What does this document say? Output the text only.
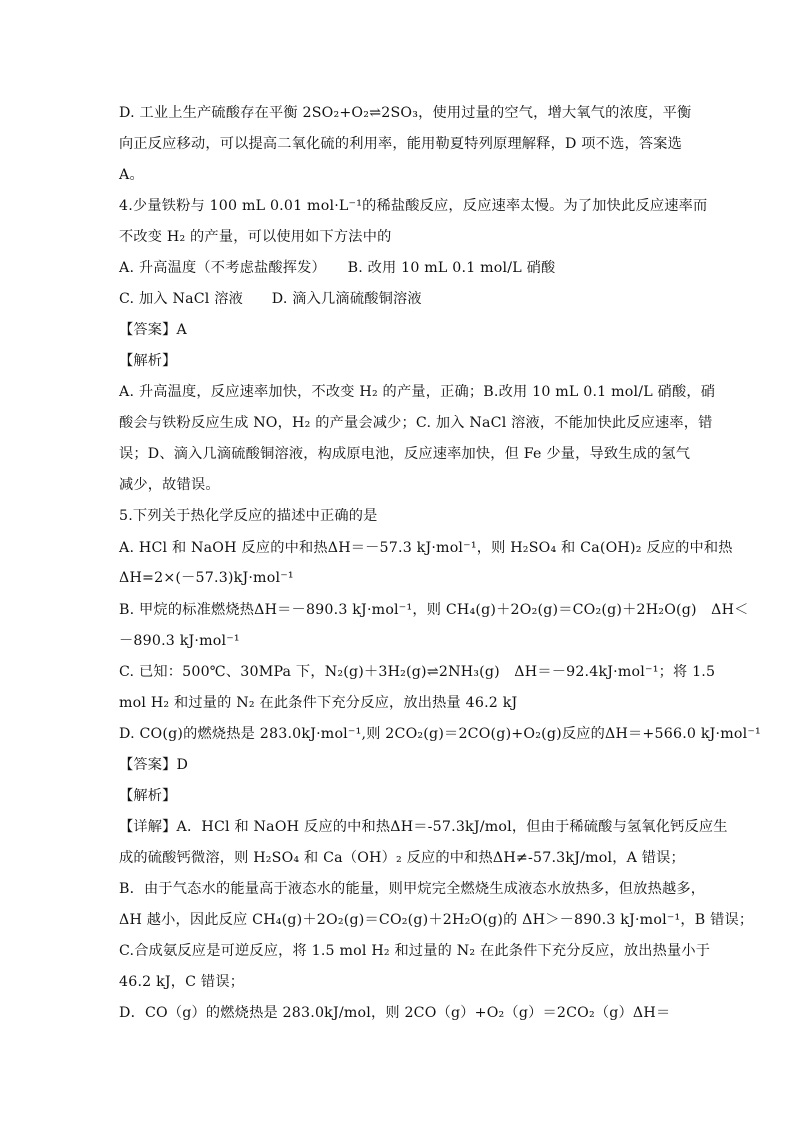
D. 工业上生产硫酸存在平衡 2SO₂+O₂⇌2SO₃，使用过量的空气，增大氧气的浓度，平衡
向正反应移动，可以提高二氧化硫的利用率，能用勒夏特列原理解释，D 项不选，答案选
A。
4.少量铁粉与 100 mL 0.01 mol·L⁻¹的稀盐酸反应，反应速率太慢。为了加快此反应速率而
不改变 H₂ 的产量，可以使用如下方法中的
A. 升高温度（不考虑盐酸挥发）　　B. 改用 10 mL 0.1 mol/L 硝酸
C. 加入 NaCl 溶液　　D. 滴入几滴硫酸铜溶液
【答案】A
【解析】
A. 升高温度，反应速率加快，不改变 H₂ 的产量，正确；B.改用 10 mL 0.1 mol/L 硝酸，硝
酸会与铁粉反应生成 NO，H₂ 的产量会减少；C. 加入 NaCl 溶液，不能加快此反应速率，错
误；D、滴入几滴硫酸铜溶液，构成原电池，反应速率加快，但 Fe 少量，导致生成的氢气
减少，故错误。
5.下列关于热化学反应的描述中正确的是
A. HCl 和 NaOH 反应的中和热ΔH＝－57.3 kJ·mol⁻¹，则 H₂SO₄ 和 Ca(OH)₂ 反应的中和热
ΔH=2×(－57.3)kJ·mol⁻¹
B. 甲烷的标准燃烧热ΔH＝－890.3 kJ·mol⁻¹，则 CH₄(g)＋2O₂(g)＝CO₂(g)＋2H₂O(g)　ΔH＜
－890.3 kJ·mol⁻¹
C. 已知：500℃、30MPa 下，N₂(g)＋3H₂(g)⇌2NH₃(g)　ΔH＝－92.4kJ·mol⁻¹；将 1.5
mol H₂ 和过量的 N₂ 在此条件下充分反应，放出热量 46.2 kJ
D. CO(g)的燃烧热是 283.0kJ·mol⁻¹,则 2CO₂(g)＝2CO(g)+O₂(g)反应的ΔH＝+566.0 kJ·mol⁻¹
【答案】D
【解析】
【详解】A．HCl 和 NaOH 反应的中和热ΔH＝-57.3kJ/mol，但由于稀硫酸与氢氧化钙反应生
成的硫酸钙微溶，则 H₂SO₄ 和 Ca（OH）₂ 反应的中和热ΔH≠-57.3kJ/mol，A 错误；
B．由于气态水的能量高于液态水的能量，则甲烷完全燃烧生成液态水放热多，但放热越多，
ΔH 越小，因此反应 CH₄(g)＋2O₂(g)＝CO₂(g)＋2H₂O(g)的 ΔH＞－890.3 kJ·mol⁻¹，B 错误；
C.合成氨反应是可逆反应，将 1.5 mol H₂ 和过量的 N₂ 在此条件下充分反应，放出热量小于
46.2 kJ，C 错误；
D．CO（g）的燃烧热是 283.0kJ/mol，则 2CO（g）+O₂（g）＝2CO₂（g）ΔH＝
